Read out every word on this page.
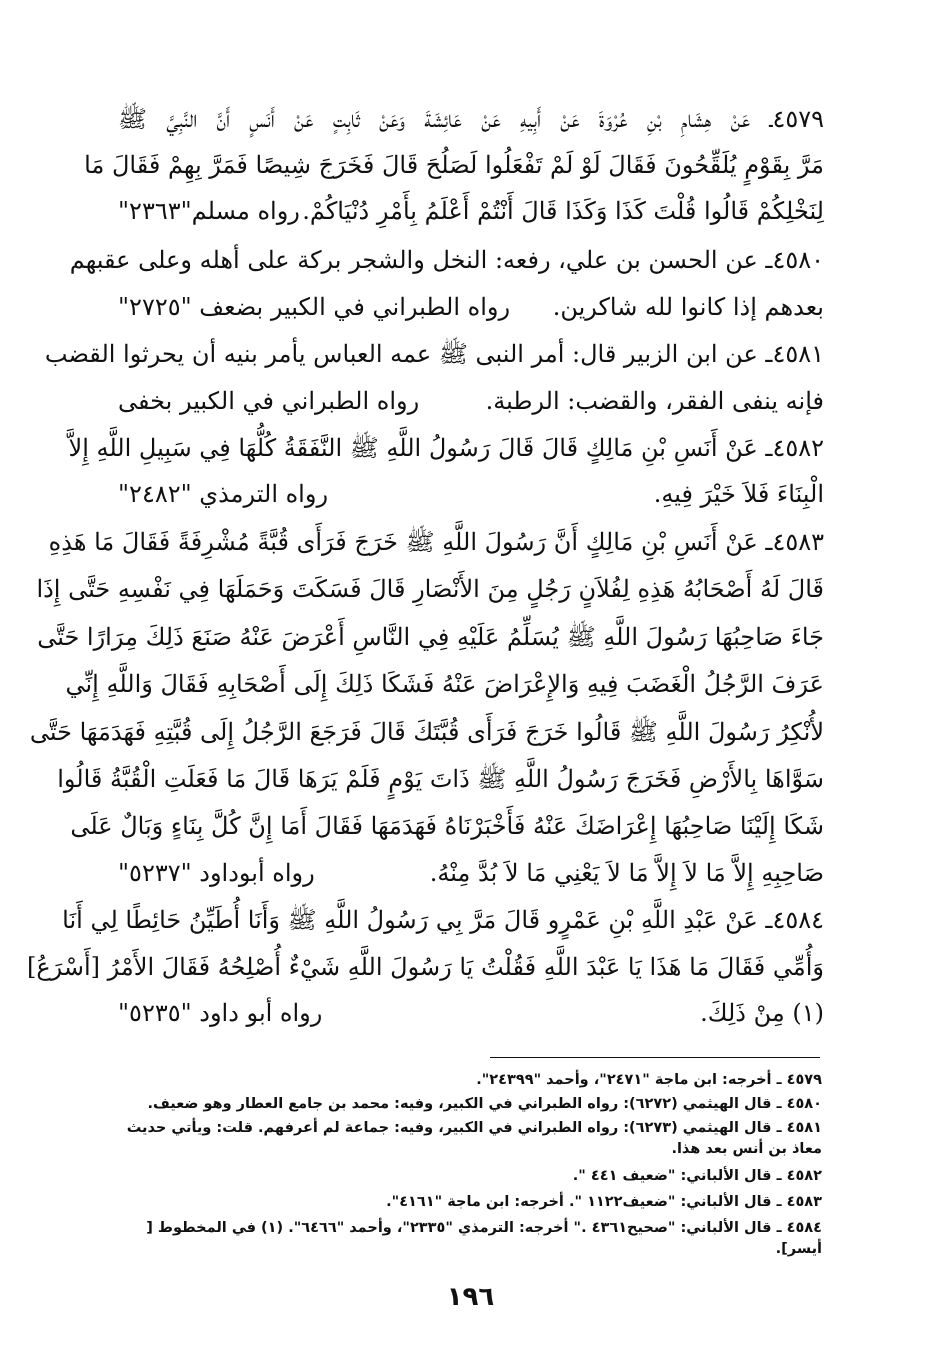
٤٥٧٩ـ عَنْ هِشَامِ بْنِ عُرْوَةَ عَنْ أَبِيهِ عَنْ عَائِشَةَ وَعَنْ ثَابِتٍ عَنْ أَنَسٍ أَنَّ النَّبِيَّ ﷺ
مَرَّ بِقَوْمٍ يُلَقِّحُونَ فَقَالَ لَوْ لَمْ تَفْعَلُوا لَصَلُحَ قَالَ فَخَرَجَ شِيصًا فَمَرَّ بِهِمْ فَقَالَ مَا
لِنَخْلِكُمْ قَالُوا قُلْتَ كَذَا وَكَذَا قَالَ أَنْتُمْ أَعْلَمُ بِأَمْرِ دُنْيَاكُمْ.
رواه مسلم"٢٣٦٣"
٤٥٨٠ـ عن الحسن بن علي، رفعه: النخل والشجر بركة على أهله وعلى عقبهم
بعدهم إذا كانوا لله شاكرين.
رواه الطبراني في الكبير بضعف "٢٧٢٥"
٤٥٨١ـ عن ابن الزبير قال: أمر النبى ﷺ عمه العباس يأمر بنيه أن يحرثوا القضب
فإنه ينفى الفقر، والقضب: الرطبة.
رواه الطبراني في الكبير بخفى
٤٥٨٢ـ عَنْ أَنَسِ بْنِ مَالِكٍ قَالَ قَالَ رَسُولُ اللَّهِ ﷺ النَّفَقَةُ كُلُّهَا فِي سَبِيلِ اللَّهِ إِلاَّ
الْبِنَاءَ فَلاَ خَيْرَ فِيهِ.
رواه الترمذي "٢٤٨٢"
٤٥٨٣ـ عَنْ أَنَسِ بْنِ مَالِكٍ أَنَّ رَسُولَ اللَّهِ ﷺ خَرَجَ فَرَأَى قُبَّةً مُشْرِفَةً فَقَالَ مَا هَذِهِ
قَالَ لَهُ أَصْحَابُهُ هَذِهِ لِفُلاَنٍ رَجُلٍ مِنَ الأَنْصَارِ قَالَ فَسَكَتَ وَحَمَلَهَا فِي نَفْسِهِ حَتَّى إِذَا
جَاءَ صَاحِبُهَا رَسُولَ اللَّهِ ﷺ يُسَلِّمُ عَلَيْهِ فِي النَّاسِ أَعْرَضَ عَنْهُ صَنَعَ ذَلِكَ مِرَارًا حَتَّى
عَرَفَ الرَّجُلُ الْغَضَبَ فِيهِ وَالإِعْرَاضَ عَنْهُ فَشَكَا ذَلِكَ إِلَى أَصْحَابِهِ فَقَالَ وَاللَّهِ إِنِّي
لأُنْكِرُ رَسُولَ اللَّهِ ﷺ قَالُوا خَرَجَ فَرَأَى قُبَّتَكَ قَالَ فَرَجَعَ الرَّجُلُ إِلَى قُبَّتِهِ فَهَدَمَهَا حَتَّى
سَوَّاهَا بِالأَرْضِ فَخَرَجَ رَسُولُ اللَّهِ ﷺ ذَاتَ يَوْمٍ فَلَمْ يَرَهَا قَالَ مَا فَعَلَتِ الْقُبَّةُ قَالُوا
شَكَا إِلَيْنَا صَاحِبُهَا إِعْرَاضَكَ عَنْهُ فَأَخْبَرْنَاهُ فَهَدَمَهَا فَقَالَ أَمَا إِنَّ كُلَّ بِنَاءٍ وَبَالٌ عَلَى
صَاحِبِهِ إِلاَّ مَا لاَ إِلاَّ مَا لاَ يَعْنِي مَا لاَ بُدَّ مِنْهُ.
رواه أبوداود "٥٢٣٧"
٤٥٨٤ـ عَنْ عَبْدِ اللَّهِ بْنِ عَمْرٍو قَالَ مَرَّ بِي رَسُولُ اللَّهِ ﷺ وَأَنَا أُطَيِّنُ حَائِطًا لِي أَنَا
وَأُمِّي فَقَالَ مَا هَذَا يَا عَبْدَ اللَّهِ فَقُلْتُ يَا رَسُولَ اللَّهِ شَيْءٌ أُصْلِحُهُ فَقَالَ الأَمْرُ [أَسْرَعُ]
(١) مِنْ ذَلِكَ.
رواه أبو داود "٥٢٣٥"
٤٥٧٩ ـ أخرجه: ابن ماجة "٢٤٧١"، وأحمد "٢٤٣٩٩".
٤٥٨٠ ـ قال الهيثمي (٦٢٧٢): رواه الطبراني في الكبير، وفيه: محمد بن جامع العطار وهو ضعيف.
٤٥٨١ ـ قال الهيثمي (٦٢٧٣): رواه الطبراني في الكبير، وفيه: جماعة لم أعرفهم. قلت: ويأتي حديث معاذ بن أنس بعد هذا.
٤٥٨٢ ـ قال الألباني: "ضعيف ٤٤١ ".
٤٥٨٣ ـ قال الألباني: "ضعيف١١٢٢ ". أخرجه: ابن ماجة "٤١٦١".
٤٥٨٤ ـ قال الألباني: "صحيح٤٣٦١ ." أخرجه: الترمذي "٢٣٣٥"، وأحمد "٦٤٦٦". (١) في المخطوط [ أيسر].
١٩٦
